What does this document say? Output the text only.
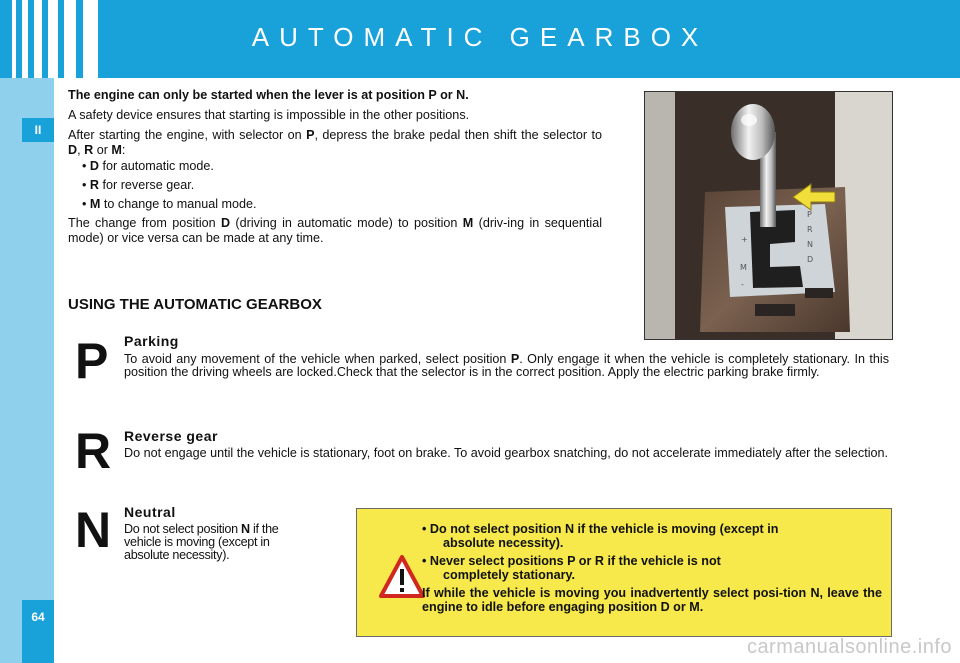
AUTOMATIC GEARBOX
II
64

The engine can only be started when the lever is at position P or N.

A safety device ensures that starting is impossible in the other positions.

After starting the engine, with selector on P, depress the brake pedal then shift the selector to D, R or M:

• D for automatic mode.

• R for reverse gear.

• M to change to manual mode.

The change from position D (driving in automatic mode) to position M (driv-ing in sequential mode) or vice versa can be made at any time.

P
R
N
D
M
+
-
USING THE AUTOMATIC GEARBOX
P Parking
To avoid any movement of the vehicle when parked, select position P. Only engage it when the vehicle is completely stationary. In this position the driving wheels are locked.Check that the selector is in the correct position. Apply the electric parking brake firmly.
R Reverse gear
Do not engage until the vehicle is stationary, foot on brake. To avoid gearbox snatching, do not accelerate immediately after the selection.
N Neutral
Do not select position N if the vehicle is moving (except in absolute necessity).

• Do not select position N if the vehicle is moving (except in
absolute necessity).

• Never select positions P or R if the vehicle is not
completely stationary.

If while the vehicle is moving you inadvertently select posi-tion N, leave the engine to idle before engaging position D or M.

carmanualsonline.info
